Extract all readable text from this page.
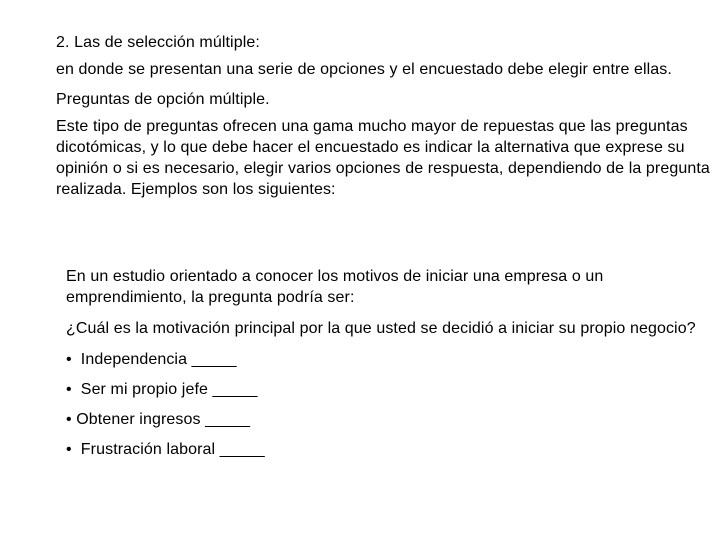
2. Las de selección múltiple:

en donde se presentan una serie de opciones y el encuestado debe elegir entre ellas.

Preguntas de opción múltiple.

Este tipo de preguntas ofrecen una gama mucho mayor de repuestas que las preguntas dicotómicas, y lo que debe hacer el encuestado es indicar la alternativa que exprese su opinión o si es necesario, elegir varios opciones de respuesta, dependiendo de la pregunta realizada. Ejemplos son los siguientes:

En un estudio orientado a conocer los motivos de iniciar una empresa o un emprendimiento, la pregunta podría ser:

¿Cuál es la motivación principal por la que usted se decidió a iniciar su propio negocio?

•  Independencia _____
•  Ser mi propio jefe _____
• Obtener ingresos _____
•  Frustración laboral _____
